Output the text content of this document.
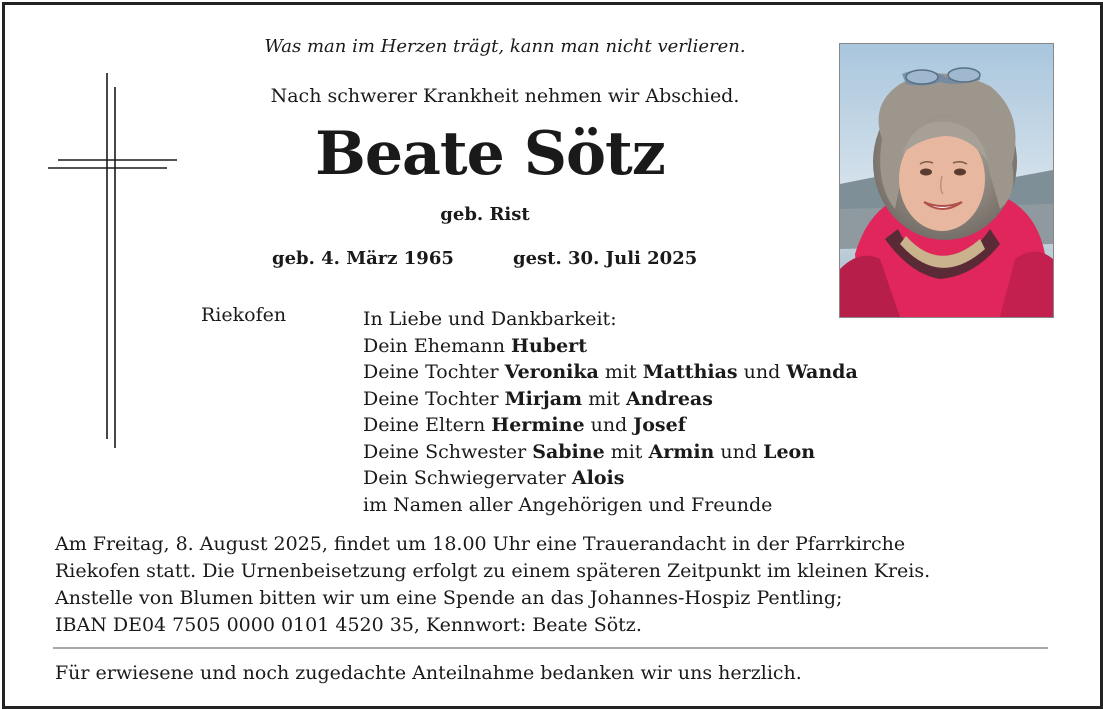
Was man im Herzen trägt, kann man nicht verlieren.
Nach schwerer Krankheit nehmen wir Abschied.
Beate Sötz
geb. Rist
geb. 4. März 1965	gest. 30. Juli 2025
Riekofen	In Liebe und Dankbarkeit:
Dein Ehemann Hubert
Deine Tochter Veronika mit Matthias und Wanda
Deine Tochter Mirjam mit Andreas
Deine Eltern Hermine und Josef
Deine Schwester Sabine mit Armin und Leon
Dein Schwiegervater Alois
im Namen aller Angehörigen und Freunde
Am Freitag, 8. August 2025, findet um 18.00 Uhr eine Trauerandacht in der Pfarrkirche
Riekofen statt. Die Urnenbeisetzung erfolgt zu einem späteren Zeitpunkt im kleinen Kreis.
Anstelle von Blumen bitten wir um eine Spende an das Johannes-Hospiz Pentling;
IBAN DE04 7505 0000 0101 4520 35, Kennwort: Beate Sötz.
Für erwiesene und noch zugedachte Anteilnahme bedanken wir uns herzlich.
